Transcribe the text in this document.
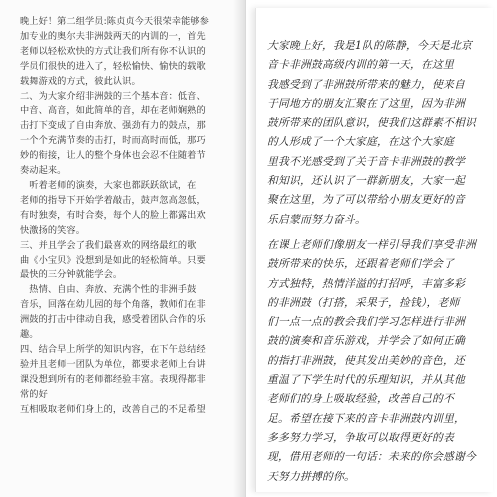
晚上好！第二组学员:陈贞贞今天很荣幸能够参
加专业的奥尔夫非洲鼓两天的内训的一，首先
老师以轻松欢快的方式让我们所有你不认识的
学员们很快的进入了，轻松愉快、愉快的载歌
载舞游戏的方式，彼此认识。
二、为大家介绍非洲鼓的三个基本音：低音、
中音、高音，如此简单的音，却在老师娴熟的
击打下变成了自由奔放、强劲有力的鼓点，那
一个个充满节奏的击打，时而高时而低，那巧
妙的衔接，让人的整个身体也会忍不住随着节
奏动起来。
　听着老师的演奏，大家也都跃跃欲试，在
老师的指导下开始学着敲击，鼓声忽高忽低，
有时独奏，有时合奏，每个人的脸上都露出欢
快激扬的笑容。
三、并且学会了我们最喜欢的网络最红的歌
曲《小宝贝》没想到是如此的轻松简单。只要
最快的三分钟就能学会。
　热情、自由、奔放、充满个性的非洲手鼓
音乐，回落在幼儿园的每个角落，教师们在非
洲鼓的打击中律动自我，感受着团队合作的乐
趣。
四、结合早上所学的知识内容，在下午总结经
验并且老师一团队为单位，都要求老师上台讲
课没想到所有的老师都经验丰富。表现得都非
常的好
互相吸取老师们身上的，改善自己的不足希望
大家晚上好，我是1队的陈静，今天是北京
音卡非洲鼓高级内训的第一天，在这里
我感受到了非洲鼓所带来的魅力，使来自
于同地方的朋友汇聚在了这里，因为非洲
鼓所带来的团队意识，使我们这群素不相识
的人形成了一个大家庭，在这个大家庭
里我不光感受到了关于音卡非洲鼓的教学
和知识，还认识了一群新朋友，大家一起
聚在这里，为了可以带给小朋友更好的音
乐启蒙而努力奋斗。
在课上老师们像朋友一样引导我们享受非洲
鼓所带来的快乐，还跟着老师们学会了
方式独特，热情洋溢的打招呼，丰富多彩
的非洲鼓（打搭，采果子，捡钱），老师
们一点一点的教会我们学习怎样进行非洲
鼓的演奏和音乐游戏，并学会了如何正确
的指打非洲鼓，使其发出美妙的音色，还
重温了下学生时代的乐理知识，并从其他
老师们的身上吸取经验，改善自己的不
足。希望在接下来的音卡非洲鼓内训里，
多多努力学习，争取可以取得更好的表
现，借用老师的一句话：未来的你会感谢今
天努力拼搏的你。
